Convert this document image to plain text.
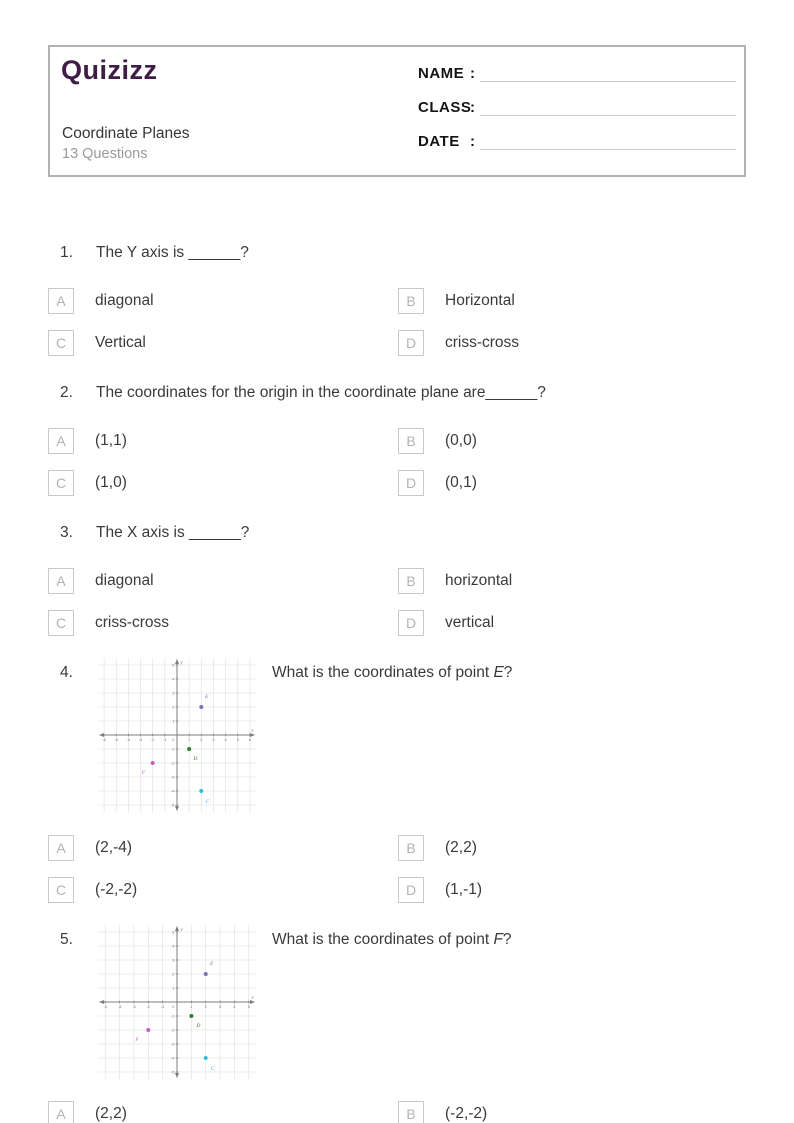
Quizizz
Coordinate Planes
13 Questions
NAME :
CLASS
:
DATE :
1. The Y axis is ______?
A	diagonal	B	Horizontal
C	Vertical	D	criss-cross
2. The coordinates for the origin in the coordinate plane are______?
A	(1,1)	B	(0,0)
C	(1,0)	D	(0,1)
3. The X axis is ______?
A	diagonal	B	horizontal
C	criss-cross	D	vertical
4.
-6 -5 -4 -3 -2 -1	1	2	3	4	5	6
-5
-4
-3
-2
-1
1
2
3
4
5
0
y
x
E
D
F
C
What is the coordinates of point E?
A	(2,-4)	B	(2,2)
C	(-2,-2)	D	(1,-1)
5.
-5	-4	-3	-2	-1	1	2	3	4	5
-5
-4
-3
-2
-1
1
2
3
4
5
0
y
x
E
D
F
C
What is the coordinates of point F?
A	(2,2)	B	(-2,-2)
